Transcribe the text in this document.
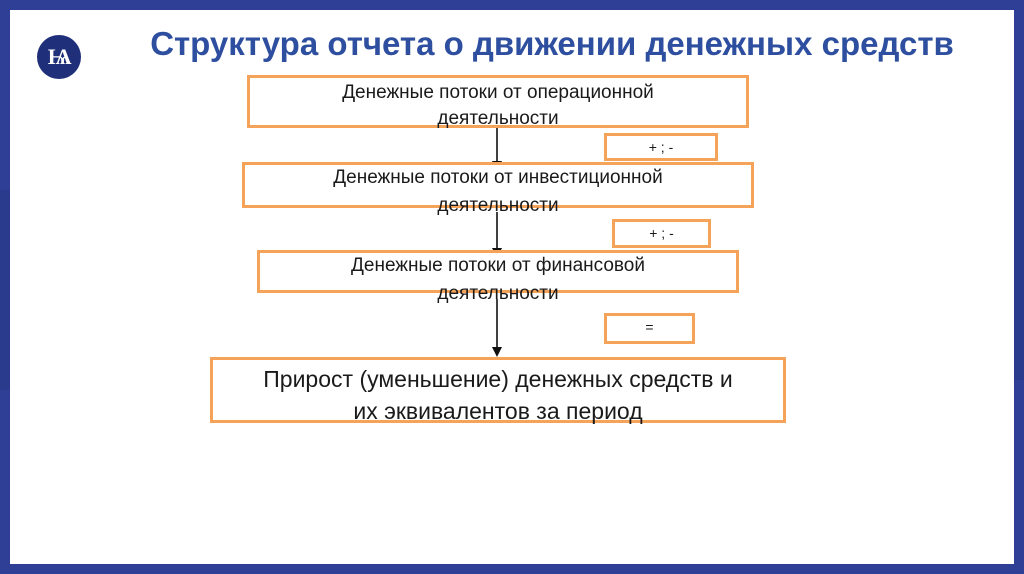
Ѩ	Структура отчета о движении денежных средств
Денежные потоки от операционной
деятельности
+ ; -
Денежные потоки от инвестиционной
деятельности
+ ; -
Денежные потоки от финансовой
деятельности
=
Прирост (уменьшение) денежных средств и
их эквивалентов за период
